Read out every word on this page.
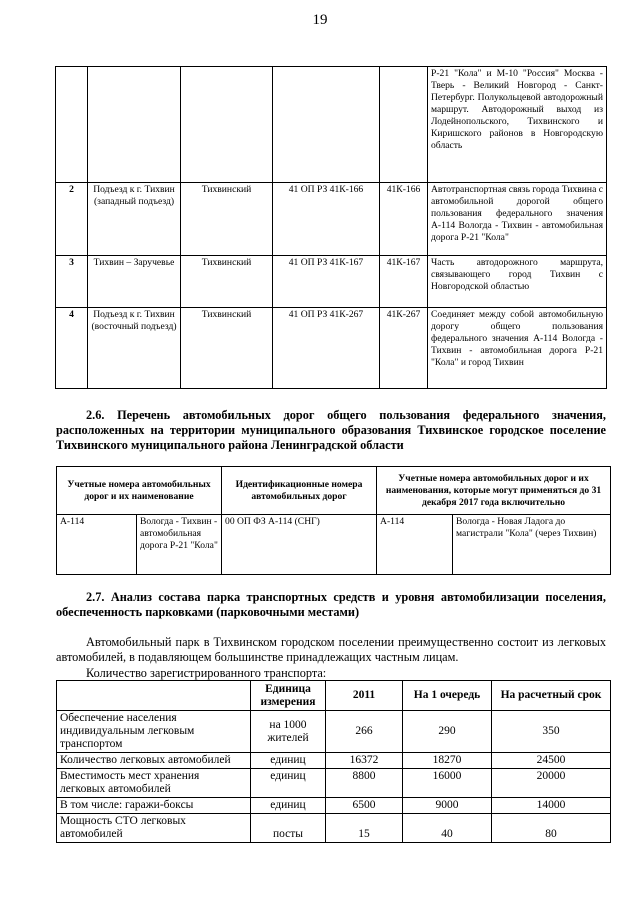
19
					Р-21 "Кола" и М-10 "Россия" Москва - Тверь - Великий Новгород - Санкт-Петербург. Полукольцевой автодорожный маршрут. Автодорожный выход из Лодейнопольского, Тихвинского и Киришского районов в Новгородскую область
2	Подъезд к г. Тихвин (западный подъезд)	Тихвинский	41 ОП РЗ 41К-166	41К-166	Автотранспортная связь города Тихвина с автомобильной дорогой общего пользования федерального значения А-114 Вологда - Тихвин - автомобильная дорога Р-21 "Кола"
3	Тихвин – Заручевье	Тихвинский	41 ОП РЗ 41К-167	41К-167	Часть автодорожного маршрута, связывающего город Тихвин с Новгородской областью
4	Подъезд к г. Тихвин (восточный подъезд)	Тихвинский	41 ОП РЗ 41К-267	41К-267	Соединяет между собой автомобильную дорогу общего пользования федерального значения А-114 Вологда - Тихвин - автомобильная дорога Р-21 "Кола" и город Тихвин
2.6. Перечень автомобильных дорог общего пользования федерального значения, расположенных на территории муниципального образования Тихвинское городское поселение Тихвинского муниципального района Ленинградской области
Учетные номера автомобильных дорог и их наименование		Идентификационные номера автомобильных дорог	Учетные номера автомобильных дорог и их наименования, которые могут применяться до 31 декабря 2017 года включительно	
А-114	Вологда - Тихвин - автомобильная дорога Р-21 "Кола"	00 ОП ФЗ А-114 (СНГ)	А-114	Вологда - Новая Ладога до магистрали "Кола" (через Тихвин)
2.7. Анализ состава парка транспортных средств и уровня автомобилизации поселения, обеспеченность парковками (парковочными местами)
Автомобильный парк в Тихвинском городском поселении преимущественно состоит из легковых автомобилей, в подавляющем большинстве принадлежащих частным лицам.
Количество зарегистрированного транспорта:
	Единица измерения	2011	На 1 очередь	На расчетный срок
Обеспечение населения индивидуальным легковым транспортом	на 1000 жителей	266	290	350
Количество легковых автомобилей	единиц	16372	18270	24500
Вместимость мест хранения легковых автомобилей	единиц	8800	16000	20000
В том числе: гаражи-боксы	единиц	6500	9000	14000
Мощность СТО легковых автомобилей	посты	15	40	80
